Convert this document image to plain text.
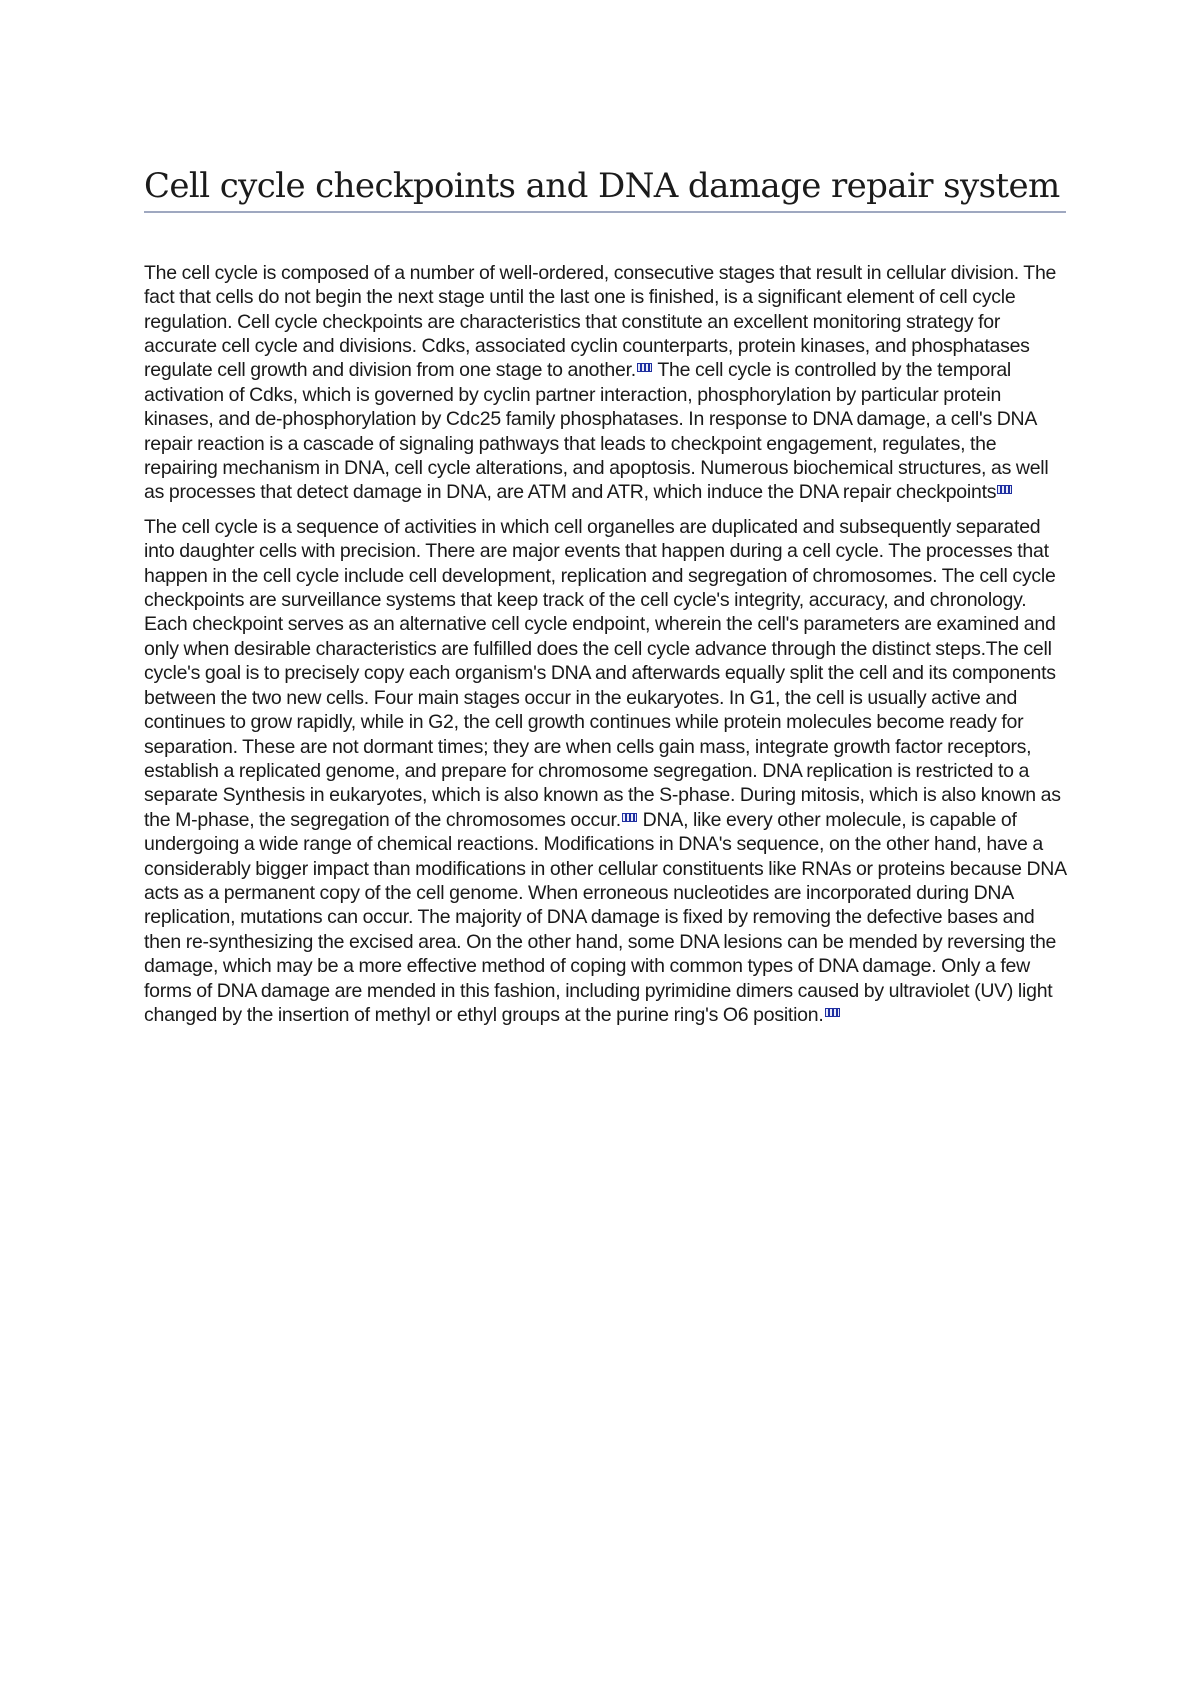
Cell cycle checkpoints and DNA damage repair system

The cell cycle is composed of a number of well-ordered, consecutive stages that result in cellular division. The fact that cells do not begin the next stage until the last one is finished, is a significant element of cell cycle regulation. Cell cycle checkpoints are characteristics that constitute an excellent monitoring strategy for accurate cell cycle and divisions. Cdks, associated cyclin counterparts, protein kinases, and phosphatases regulate cell growth and division from one stage to another. The cell cycle is controlled by the temporal activation of Cdks, which is governed by cyclin partner interaction, phosphorylation by particular protein kinases, and de-phosphorylation by Cdc25 family phosphatases. In response to DNA damage, a cell's DNA repair reaction is a cascade of signaling pathways that leads to checkpoint engagement, regulates, the repairing mechanism in DNA, cell cycle alterations, and apoptosis. Numerous biochemical structures, as well as processes that detect damage in DNA, are ATM and ATR, which induce the DNA repair checkpoints

The cell cycle is a sequence of activities in which cell organelles are duplicated and subsequently separated into daughter cells with precision. There are major events that happen during a cell cycle. The processes that happen in the cell cycle include cell development, replication and segregation of chromosomes. The cell cycle checkpoints are surveillance systems that keep track of the cell cycle's integrity, accuracy, and chronology. Each checkpoint serves as an alternative cell cycle endpoint, wherein the cell's parameters are examined and only when desirable characteristics are fulfilled does the cell cycle advance through the distinct steps.The cell cycle's goal is to precisely copy each organism's DNA and afterwards equally split the cell and its components between the two new cells. Four main stages occur in the eukaryotes. In G1, the cell is usually active and continues to grow rapidly, while in G2, the cell growth continues while protein molecules become ready for separation. These are not dormant times; they are when cells gain mass, integrate growth factor receptors, establish a replicated genome, and prepare for chromosome segregation. DNA replication is restricted to a separate Synthesis in eukaryotes, which is also known as the S-phase. During mitosis, which is also known as the M-phase, the segregation of the chromosomes occur. DNA, like every other molecule, is capable of undergoing a wide range of chemical reactions. Modifications in DNA's sequence, on the other hand, have a considerably bigger impact than modifications in other cellular constituents like RNAs or proteins because DNA acts as a permanent copy of the cell genome. When erroneous nucleotides are incorporated during DNA replication, mutations can occur. The majority of DNA damage is fixed by removing the defective bases and then re-synthesizing the excised area. On the other hand, some DNA lesions can be mended by reversing the damage, which may be a more effective method of coping with common types of DNA damage. Only a few forms of DNA damage are mended in this fashion, including pyrimidine dimers caused by ultraviolet (UV) light changed by the insertion of methyl or ethyl groups at the purine ring's O6 position.
